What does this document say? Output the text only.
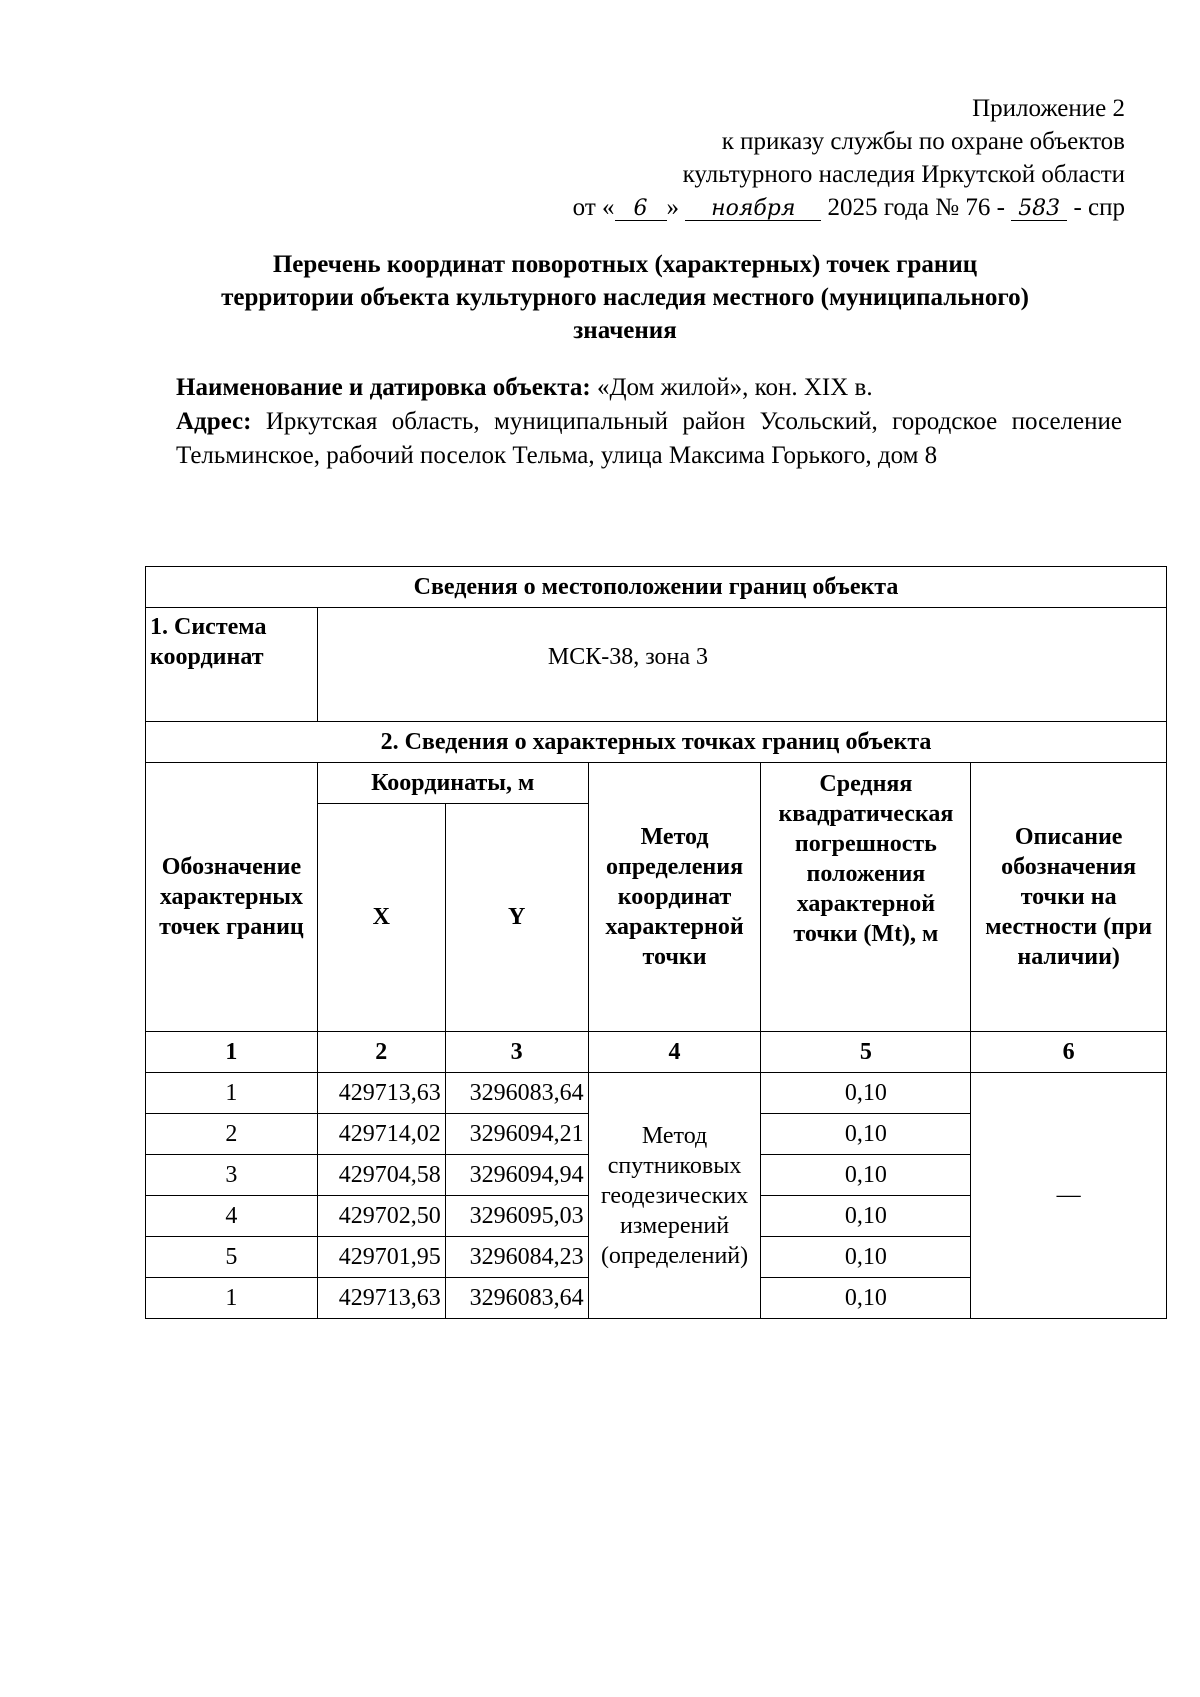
Приложение 2
к приказу службы по охране объектов
культурного наследия Иркутской области
от « 6 » ноября 2025 года № 76 - 583 - спр
Перечень координат поворотных (характерных) точек границ
территории объекта культурного наследия местного (муниципального)
значения

Наименование и датировка объекта: «Дом жилой», кон. XIX в.

Адрес: Иркутская область, муниципальный район Усольский, городское поселение Тельминское, рабочий поселок Тельма, улица Максима Горького, дом 8

Сведения о местоположении границ объекта					
1. Система координат	МСК-38, зона 3				
2. Сведения о характерных точках границ объекта					
Обозначение характерных точек границ	Координаты, м		Метод определения координат характерной точки	Средняя квадратическая погрешность положения характерной точки (Mt), м	Описание обозначения точки на местности (при наличии)
	X	Y			
1	2	3	4	5	6
1	429713,63	3296083,64	Метод спутниковых геодезических измерений (определений)	0,10	—
2	429714,02	3296094,21		0,10	
3	429704,58	3296094,94		0,10	
4	429702,50	3296095,03		0,10	
5	429701,95	3296084,23		0,10	
1	429713,63	3296083,64		0,10	
